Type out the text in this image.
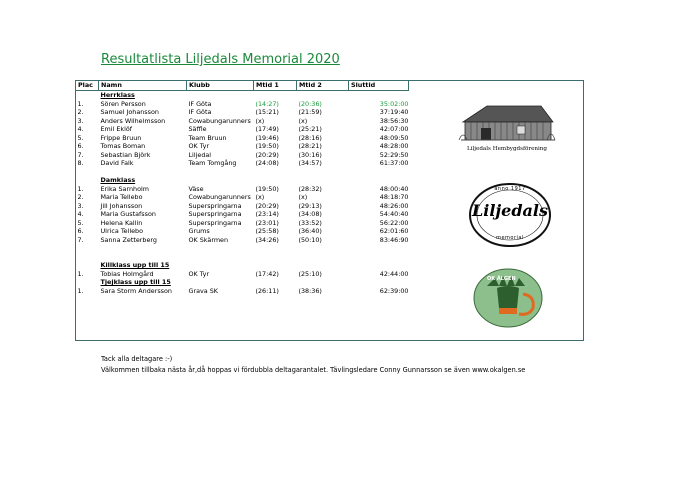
Resultatlista Liljedals Memorial 2020
Plac	Namn	Klubb	Mtid 1	Mtid 2	Sluttid
	Herrklass				
1.	Sören Persson	IF Göta	(14:27)	(20:36)	35:02:00
2.	Samuel Johansson	IF Göta	(15:21)	(21:59)	37:19:40
3.	Anders Wilhelmsson	Cowabungarunners	(x)	(x)	38:56:30
4.	Emil Eklöf	Säffle	(17:49)	(25:21)	42:07:00
5.	Frippe Bruun	Team Bruun	(19:46)	(28:16)	48:09:50
6.	Tomas Boman	OK Tyr	(19:50)	(28:21)	48:28:00
7.	Sebastian Björk	Liljedal	(20:29)	(30:16)	52:29:50
8.	David Falk	Team Tomgång	(24:08)	(34:57)	61:37:00

	Damklass				
1.	Erika Sarnholm	Väse	(19:50)	(28:32)	48:00:40
2.	Maria Tellebo	Cowabungarunners	(x)	(x)	48:18:70
3.	Jill Johansson	Superspringarna	(20:29)	(29:13)	48:26:00
4.	Maria Gustafsson	Superspringarna	(23:14)	(34:08)	54:40:40
5.	Helena Kallin	Superspringarna	(23:01)	(33:52)	56:22:00
6.	Ulrica Tellebo	Grums	(25:58)	(36:40)	62:01:60
7.	Sanna Zetterberg	OK Skärmen	(34:26)	(50:10)	83:46:90

	Killklass upp till 15				
1.	Tobias Holmgård	OK Tyr	(17:42)	(25:10)	42:44:00
	Tjejklass upp till 15				
1.	Sara Storm Andersson	Grava SK	(26:11)	(38:36)	62:39:00
Liljedals Hembygdsförening
anno 1917
Liljedals
memorial
OK ÄLGEN
Tack alla deltagare :-)
Välkommen tillbaka nästa år,då hoppas vi fördubbla deltagarantalet. Tävlingsledare Conny Gunnarsson se även www.okalgen.se
